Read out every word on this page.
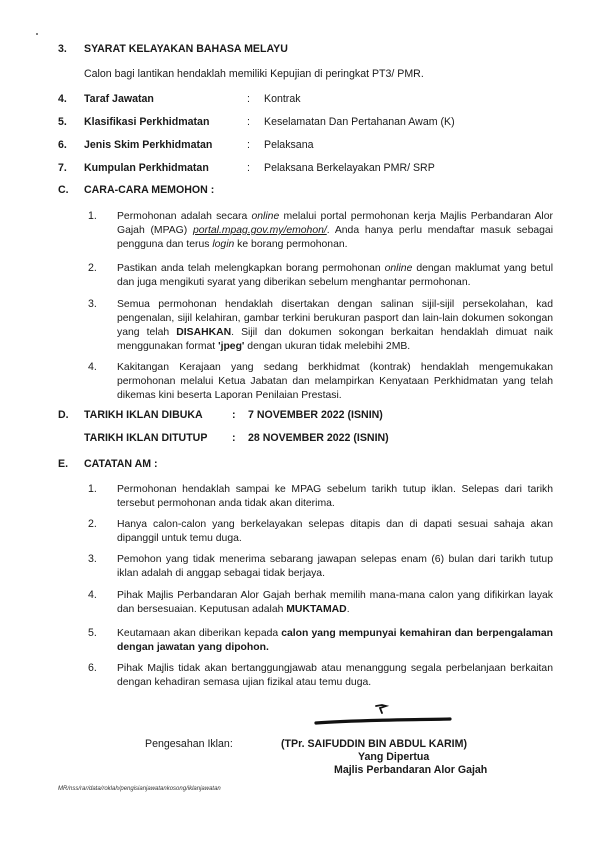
3. SYARAT KELAYAKAN BAHASA MELAYU
Calon bagi lantikan hendaklah memiliki Kepujian di peringkat PT3/ PMR.
4. Taraf Jawatan	: Kontrak
5. Klasifikasi Perkhidmatan	: Keselamatan Dan Pertahanan Awam (K)
6. Jenis Skim Perkhidmatan	: Pelaksana
7. Kumpulan Perkhidmatan	: Pelaksana Berkelayakan PMR/ SRP
C. CARA-CARA MEMOHON :
1. Permohonan adalah secara online melalui portal permohonan kerja Majlis Perbandaran Alor Gajah (MPAG) portal.mpag.gov.my/emohon/. Anda hanya perlu mendaftar masuk sebagai pengguna dan terus login ke borang permohonan.
2. Pastikan anda telah melengkapkan borang permohonan online dengan maklumat yang betul dan juga mengikuti syarat yang diberikan sebelum menghantar permohonan.
3. Semua permohonan hendaklah disertakan dengan salinan sijil-sijil persekolahan, kad pengenalan, sijil kelahiran, gambar terkini berukuran pasport dan lain-lain dokumen sokongan yang telah DISAHKAN. Sijil dan dokumen sokongan berkaitan hendaklah dimuat naik menggunakan format 'jpeg' dengan ukuran tidak melebihi 2MB.
4. Kakitangan Kerajaan yang sedang berkhidmat (kontrak) hendaklah mengemukakan permohonan melalui Ketua Jabatan dan melampirkan Kenyataan Perkhidmatan yang telah dikemas kini beserta Laporan Penilaian Prestasi.
D. TARIKH IKLAN DIBUKA	: 7 NOVEMBER 2022 (ISNIN)
TARIKH IKLAN DITUTUP : 28 NOVEMBER 2022 (ISNIN)
E. CATATAN AM :
1. Permohonan hendaklah sampai ke MPAG sebelum tarikh tutup iklan. Selepas dari tarikh tersebut permohonan anda tidak akan diterima.
2. Hanya calon-calon yang berkelayakan selepas ditapis dan di dapati sesuai sahaja akan dipanggil untuk temu duga.
3. Pemohon yang tidak menerima sebarang jawapan selepas enam (6) bulan dari tarikh tutup iklan adalah di anggap sebagai tidak berjaya.
4. Pihak Majlis Perbandaran Alor Gajah berhak memilih mana-mana calon yang difikirkan layak dan bersesuaian. Keputusan adalah MUKTAMAD.
5. Keutamaan akan diberikan kepada calon yang mempunyai kemahiran dan berpengalaman dengan jawatan yang dipohon.
6. Pihak Majlis tidak akan bertanggungjawab atau menanggung segala perbelanjaan berkaitan dengan kehadiran semasa ujian fizikal atau temu duga.
Pengesahan Iklan:	(TPr. SAIFUDDIN BIN ABDUL KARIM)
Yang Dipertua
Majlis Perbandaran Alor Gajah
MR/nss/rar/data/roklah/pengisianjawatankosong/iklanjawatan
